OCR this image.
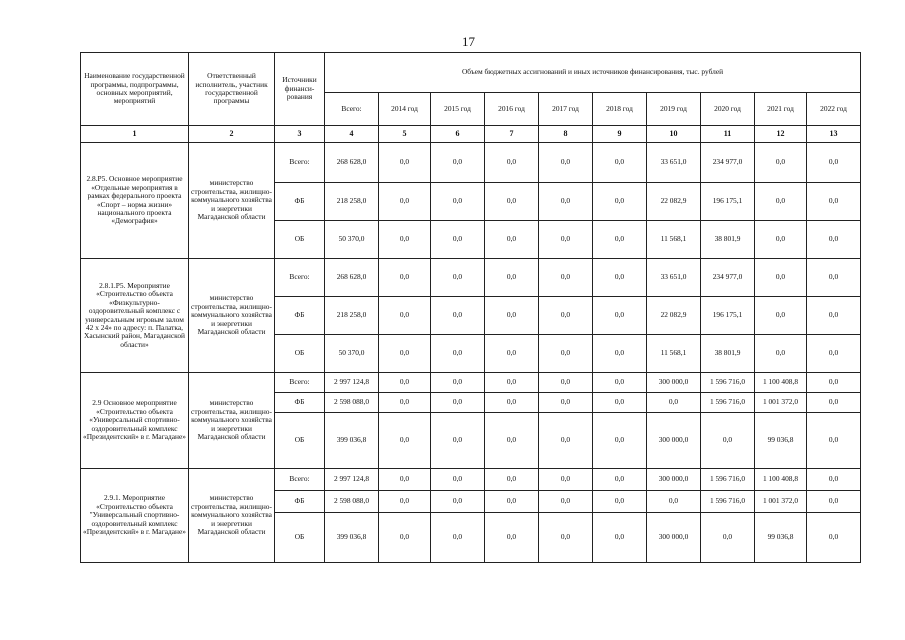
17
Наименование государственной программы, подпрограммы, основных мероприятий, мероприятий	Ответственный исполнитель, участник государственной программы	Источники финанси-рования	Объем бюджетных ассигнований и иных источников финансирования, тыс. рублей									
			Всего:	2014 год	2015 год	2016 год	2017 год	2018 год	2019 год	2020 год	2021 год	2022 год
1	2	3	4	5	6	7	8	9	10	11	12	13
2.8.Р5. Основное мероприятие «Отдельные мероприятия в рамках федерального проекта «Спорт – норма жизни» национального проекта «Демография»	министерство строительства, жилищно-коммунального хозяйства и энергетики Магаданской области	Всего:	268 628,0	0,0	0,0	0,0	0,0	0,0	33 651,0	234 977,0	0,0	0,0
		ФБ	218 258,0	0,0	0,0	0,0	0,0	0,0	22 082,9	196 175,1	0,0	0,0
		ОБ	50 370,0	0,0	0,0	0,0	0,0	0,0	11 568,1	38 801,9	0,0	0,0
2.8.1.Р5. Мероприятие «Строительство объекта «Физкультурно-оздоровительный комплекс с универсальным игровым залом 42 х 24» по адресу: п. Палатка, Хасынский район, Магаданской области»	министерство строительства, жилищно-коммунального хозяйства и энергетики Магаданской области	Всего:	268 628,0	0,0	0,0	0,0	0,0	0,0	33 651,0	234 977,0	0,0	0,0
		ФБ	218 258,0	0,0	0,0	0,0	0,0	0,0	22 082,9	196 175,1	0,0	0,0
		ОБ	50 370,0	0,0	0,0	0,0	0,0	0,0	11 568,1	38 801,9	0,0	0,0
2.9 Основное мероприятие «Строительство объекта «Универсальный спортивно-оздоровительный комплекс «Президентский» в г. Магадане»	министерство строительства, жилищно-коммунального хозяйства и энергетики Магаданской области	Всего:	2 997 124,8	0,0	0,0	0,0	0,0	0,0	300 000,0	1 596 716,0	1 100 408,8	0,0
		ФБ	2 598 088,0	0,0	0,0	0,0	0,0	0,0	0,0	1 596 716,0	1 001 372,0	0,0
		ОБ	399 036,8	0,0	0,0	0,0	0,0	0,0	300 000,0	0,0	99 036,8	0,0
2.9.1. Мероприятие «Строительство объекта "Универсальный спортивно-оздоровительный комплекс «Президентский» в г. Магадане»	министерство строительства, жилищно-коммунального хозяйства и энергетики Магаданской области	Всего:	2 997 124,8	0,0	0,0	0,0	0,0	0,0	300 000,0	1 596 716,0	1 100 408,8	0,0
		ФБ	2 598 088,0	0,0	0,0	0,0	0,0	0,0	0,0	1 596 716,0	1 001 372,0	0,0
		ОБ	399 036,8	0,0	0,0	0,0	0,0	0,0	300 000,0	0,0	99 036,8	0,0
